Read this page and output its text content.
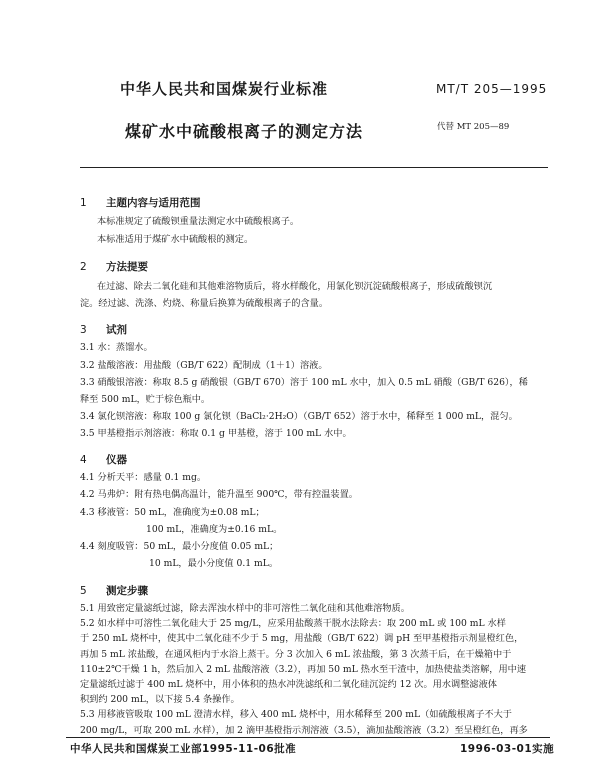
中华人民共和国煤炭行业标准	MT/T 205—1995
煤矿水中硫酸根离子的测定方法	代替 MT 205—89
1 主题内容与适用范围
本标准规定了硫酸钡重量法测定水中硫酸根离子。
本标准适用于煤矿水中硫酸根的测定。
2 方法提要
在过滤、除去二氧化硅和其他难溶物质后，将水样酸化，用氯化钡沉淀硫酸根离子，形成硫酸钡沉
淀。经过滤、洗涤、灼烧、称量后换算为硫酸根离子的含量。
3 试剂
3.1 水：蒸馏水。
3.2 盐酸溶液：用盐酸（GB/T 622）配制成（1＋1）溶液。
3.3 硝酸银溶液：称取 8.5 g 硝酸银（GB/T 670）溶于 100 mL 水中，加入 0.5 mL 硝酸（GB/T 626），稀
释至 500 mL，贮于棕色瓶中。
3.4 氯化钡溶液：称取 100 g 氯化钡（BaCl₂·2H₂O）（GB/T 652）溶于水中，稀释至 1 000 mL，混匀。
3.5 甲基橙指示剂溶液：称取 0.1 g 甲基橙，溶于 100 mL 水中。
4 仪器
4.1 分析天平：感量 0.1 mg。
4.2 马弗炉：附有热电偶高温计，能升温至 900℃，带有控温装置。
4.3 移液管：50 mL，准确度为±0.08 mL；
100 mL，准确度为±0.16 mL。
4.4 刻度吸管：50 mL，最小分度值 0.05 mL；
10 mL，最小分度值 0.1 mL。
5 测定步骤
5.1 用致密定量滤纸过滤，除去浑浊水样中的非可溶性二氧化硅和其他难溶物质。
5.2 如水样中可溶性二氧化硅大于 25 mg/L，应采用盐酸蒸干脱水法除去：取 200 mL 或 100 mL 水样
于 250 mL 烧杯中，使其中二氧化硅不少于 5 mg，用盐酸（GB/T 622）调 pH 至甲基橙指示剂显橙红色，
再加 5 mL 浓盐酸，在通风柜内于水浴上蒸干。分 3 次加入 6 mL 浓盐酸，第 3 次蒸干后，在干燥箱中于
110±2℃干燥 1 h，然后加入 2 mL 盐酸溶液（3.2），再加 50 mL 热水至干渣中，加热使盐类溶解，用中速
定量滤纸过滤于 400 mL 烧杯中，用小体积的热水冲洗滤纸和二氧化硅沉淀约 12 次。用水调整滤液体
积到约 200 mL，以下接 5.4 条操作。
5.3 用移液管吸取 100 mL 澄清水样，移入 400 mL 烧杯中，用水稀释至 200 mL（如硫酸根离子不大于
中华人民共和国煤炭工业部1995-11-06批准	1996-03-01实施
200 mg/L，可取 200 mL 水样），加 2 滴甲基橙指示剂溶液（3.5），滴加盐酸溶液（3.2）至呈橙红色，再多
